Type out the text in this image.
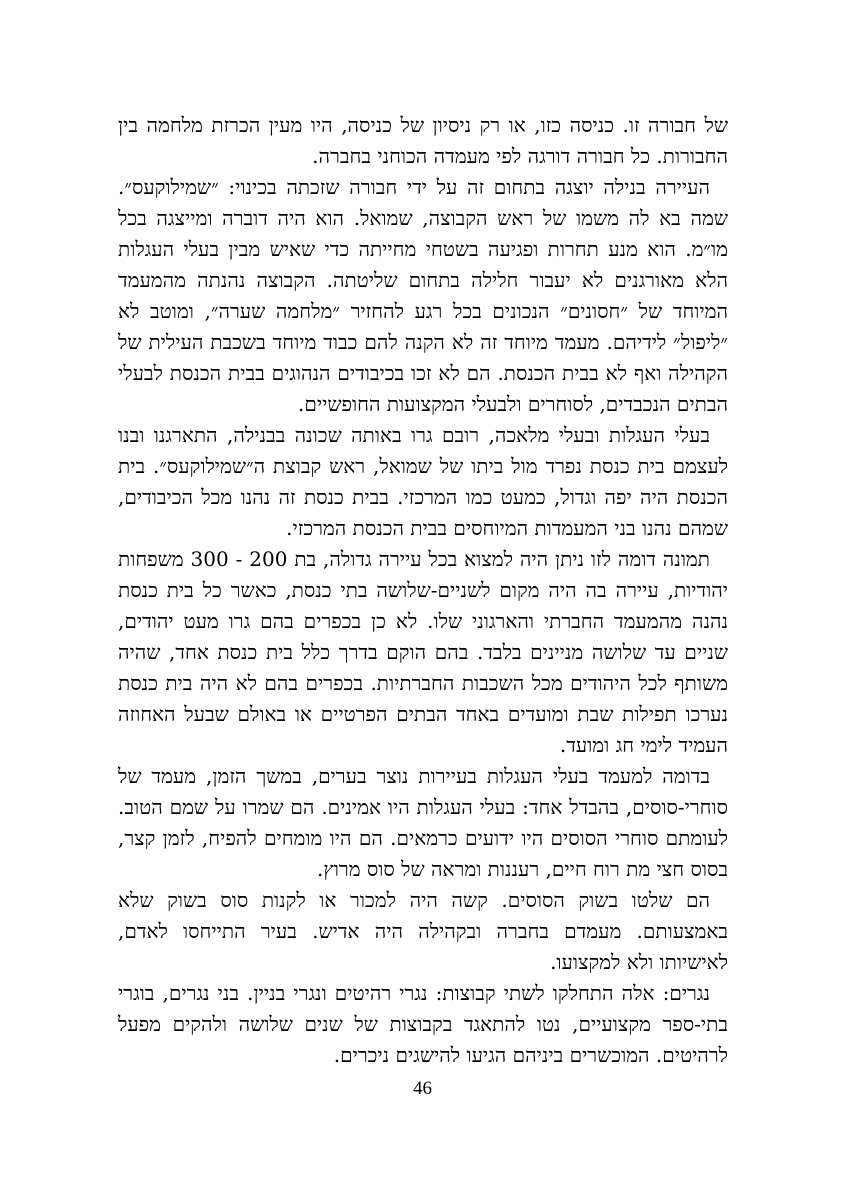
של חבורה זו. כניסה כזו, או רק ניסיון של כניסה, היו מעין הכרזת מלחמה בין החבורות. כל חבורה דורגה לפי מעמדה הכוחני בחברה.

העיירה בנילה יוצגה בתחום זה על ידי חבורה שזכתה בכינוי: ״שמילוקעס״. שמה בא לה משמו של ראש הקבוצה, שמואל. הוא היה דוברה ומייצגה בכל מו״מ. הוא מנע תחרות ופגיעה בשטחי מחייתה כדי שאיש מבין בעלי העגלות הלא מאורגנים לא יעבור חלילה בתחום שליטתה. הקבוצה נהנתה מהמעמד המיוחד של ״חסונים״ הנכונים בכל רגע להחזיר ״מלחמה שערה״, ומוטב לא ״ליפול״ לידיהם. מעמד מיוחד זה לא הקנה להם כבוד מיוחד בשכבת העילית של הקהילה ואף לא בבית הכנסת. הם לא זכו בכיבודים הנהוגים בבית הכנסת לבעלי הבתים הנכבדים, לסוחרים ולבעלי המקצועות החופשיים.

בעלי העגלות ובעלי מלאכה, רובם גרו באותה שכונה בבנילה, התארגנו ובנו לעצמם בית כנסת נפרד מול ביתו של שמואל, ראש קבוצת ה״שמילוקעס״. בית הכנסת היה יפה וגדול, כמעט כמו המרכזי. בבית כנסת זה נהנו מכל הכיבודים, שמהם נהנו בני המעמדות המיוחסים בבית הכנסת המרכזי.

תמונה דומה לזו ניתן היה למצוא בכל עיירה גדולה, בת 200 - 300 משפחות יהודיות, עיירה בה היה מקום לשניים-שלושה בתי כנסת, כאשר כל בית כנסת נהנה מהמעמד החברתי והארגוני שלו. לא כן בכפרים בהם גרו מעט יהודים, שניים עד שלושה מניינים בלבד. בהם הוקם בדרך כלל בית כנסת אחד, שהיה משותף לכל היהודים מכל השכבות החברתיות. בכפרים בהם לא היה בית כנסת נערכו תפילות שבת ומועדים באחד הבתים הפרטיים או באולם שבעל האחוזה העמיד לימי חג ומועד.

בדומה למעמד בעלי העגלות בעיירות נוצר בערים, במשך הזמן, מעמד של סוחרי-סוסים, בהבדל אחד: בעלי העגלות היו אמינים. הם שמרו על שמם הטוב. לעומתם סוחרי הסוסים היו ידועים כרמאים. הם היו מומחים להפיח, לזמן קצר, בסוס חצי מת רוח חיים, רעננות ומראה של סוס מרוץ.

הם שלטו בשוק הסוסים. קשה היה למכור או לקנות סוס בשוק שלא באמצעותם. מעמדם בחברה ובקהילה היה אדיש. בעיר התייחסו לאדם, לאישיותו ולא למקצועו.

נגרים: אלה התחלקו לשתי קבוצות: נגרי רהיטים ונגרי בניין. בני נגרים, בוגרי בתי-ספר מקצועיים, נטו להתאגד בקבוצות של שנים שלושה ולהקים מפעל לרהיטים. המוכשרים ביניהם הגיעו להישגים ניכרים.

46
